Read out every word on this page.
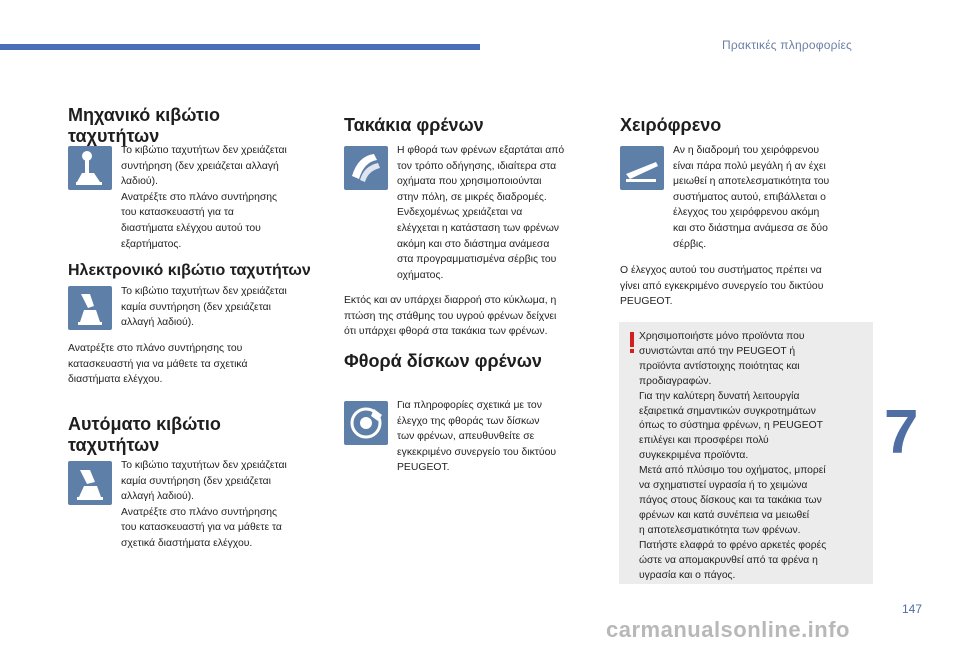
Πρακτικές πληροφορίες
Μηχανικό κιβώτιο
ταχυτήτων
Το κιβώτιο ταχυτήτων δεν χρειάζεται
συντήρηση (δεν χρειάζεται αλλαγή
λαδιού).
Ανατρέξτε στο πλάνο συντήρησης
του κατασκευαστή για τα
διαστήματα ελέγχου αυτού του
εξαρτήματος.
Ηλεκτρονικό κιβώτιο ταχυτήτων
Το κιβώτιο ταχυτήτων δεν χρειάζεται
καμία συντήρηση (δεν χρειάζεται
αλλαγή λαδιού).
Ανατρέξτε στο πλάνο συντήρησης του
κατασκευαστή για να μάθετε τα σχετικά
διαστήματα ελέγχου.
Αυτόματο κιβώτιο
ταχυτήτων
Το κιβώτιο ταχυτήτων δεν χρειάζεται
καμία συντήρηση (δεν χρειάζεται
αλλαγή λαδιού).
Ανατρέξτε στο πλάνο συντήρησης
του κατασκευαστή για να μάθετε τα
σχετικά διαστήματα ελέγχου.
Τακάκια φρένων
Η φθορά των φρένων εξαρτάται από
τον τρόπο οδήγησης, ιδιαίτερα στα
οχήματα που χρησιμοποιούνται
στην πόλη, σε μικρές διαδρομές.
Ενδεχομένως χρειάζεται να
ελέγχεται η κατάσταση των φρένων
ακόμη και στο διάστημα ανάμεσα
στα προγραμματισμένα σέρβις του
οχήματος.
Εκτός και αν υπάρχει διαρροή στο κύκλωμα, η
πτώση της στάθμης του υγρού φρένων δείχνει
ότι υπάρχει φθορά στα τακάκια των φρένων.
Φθορά δίσκων φρένων
Για πληροφορίες σχετικά με τον
έλεγχο της φθοράς των δίσκων
των φρένων, απευθυνθείτε σε
εγκεκριμένο συνεργείο του δικτύου
PEUGEOT.
Χειρόφρενο
Αν η διαδρομή του χειρόφρενου
είναι πάρα πολύ μεγάλη ή αν έχει
μειωθεί η αποτελεσματικότητα του
συστήματος αυτού, επιβάλλεται ο
έλεγχος του χειρόφρενου ακόμη
και στο διάστημα ανάμεσα σε δύο
σέρβις.
Ο έλεγχος αυτού του συστήματος πρέπει να
γίνει από εγκεκριμένο συνεργείο του δικτύου
PEUGEOT.
Χρησιμοποιήστε μόνο προϊόντα που
συνιστώνται από την PEUGEOT ή
προϊόντα αντίστοιχης ποιότητας και
προδιαγραφών.
Για την καλύτερη δυνατή λειτουργία
εξαιρετικά σημαντικών συγκροτημάτων
όπως το σύστημα φρένων, η PEUGEOT
επιλέγει και προσφέρει πολύ
συγκεκριμένα προϊόντα.
Μετά από πλύσιμο του οχήματος, μπορεί
να σχηματιστεί υγρασία ή το χειμώνα
πάγος στους δίσκους και τα τακάκια των
φρένων και κατά συνέπεια να μειωθεί
η αποτελεσματικότητα των φρένων.
Πατήστε ελαφρά το φρένο αρκετές φορές
ώστε να απομακρυνθεί από τα φρένα η
υγρασία και ο πάγος.
7
147
carmanualsonline.info
